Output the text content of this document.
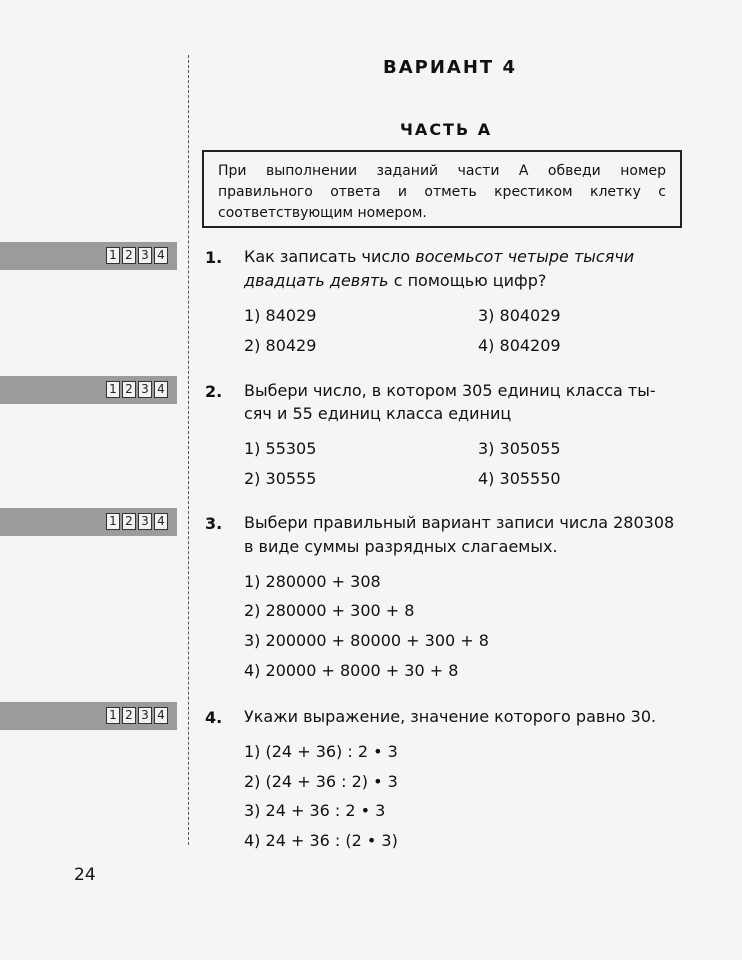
ВАРИАНТ 4
ЧАСТЬ А
При выполнении заданий части А обведи номер правильного ответа и отметь крестиком клетку с соответствующим номером.
1 2 3 4
1 2 3 4
1 2 3 4
1 2 3 4
1. Как записать число восемьсот четыре тысячи
двадцать девять с помощью цифр?
1) 84029
2) 80429
3) 804029
4) 804209
2. Выбери число, в котором 305 единиц класса ты-
сяч и 55 единиц класса единиц
1) 55305
2) 30555
3) 305055
4) 305550
3. Выбери правильный вариант записи числа 280308
в виде суммы разрядных слагаемых.
1) 280000 + 308
2) 280000 + 300 + 8
3) 200000 + 80000 + 300 + 8
4) 20000 + 8000 + 30 + 8
4. Укажи выражение, значение которого равно 30.
1) (24 + 36) : 2 • 3
2) (24 + 36 : 2) • 3
3) 24 + 36 : 2 • 3
4) 24 + 36 : (2 • 3)
24
